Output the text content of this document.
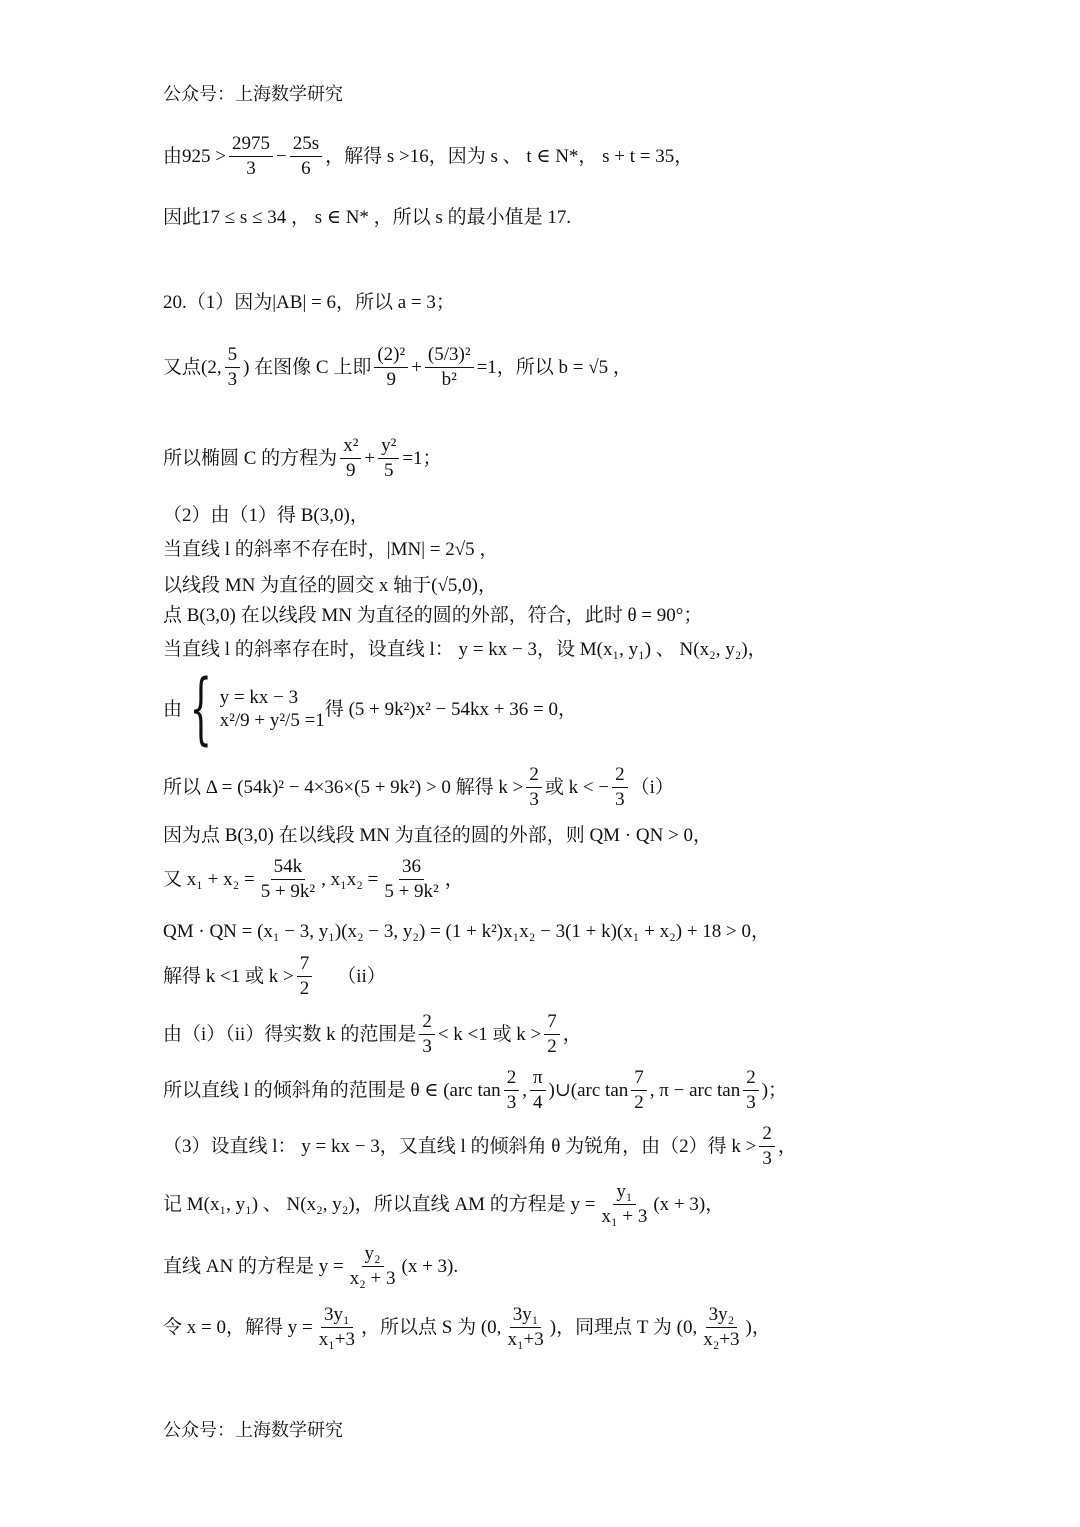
公众号：上海数学研究
由$925 > \frac{2975}{3} - \frac{25s}{6}$ ，解得 s >16，因为 s 、 t ∈ N*， s + t = 35，
因此17 ≤ s ≤ 34 ， s ∈ N* ，所以 s 的最小值是 17.
20.（1）因为|AB| = 6，所以 a = 3；
又点(2, $\frac{5}{3}$ ) 在图像 C 上即 $\frac{\text{(2)²}}{9} + \frac{\text{(5/3)²}}{\text{b²}} =1$，所以 b = √5 ，
所以椭圆 C 的方程为 $\frac{\text{x²}}{9} + \frac{\text{y²}}{5} =1$；
（2）由（1）得 B(3,0)，
当直线 l 的斜率不存在时，|MN| = 2√5 ，
以线段 MN 为直径的圆交 x 轴于(√5,0)，
点 B(3,0) 在以线段 MN 为直径的圆的外部，符合，此时 θ = 90°；
当直线 l 的斜率存在时，设直线 l： y = kx − 3，设 M(x₁, y₁) 、 N(x₂, y₂)，
由 { y = kx − 3
x²/9 + y²/5 =1
得 (5 + 9k²)x² − 54kx + 36 = 0，
所以 Δ = (54k)² − 4×36×(5 + 9k²) > 0 解得 $k > \frac{2}{3}$ 或 k < − $\frac{2}{3} (i)$
因为点 B(3,0) 在以线段 MN 为直径的圆的外部，则 QM · QN > 0，
又 $x_1 + x_2 = \frac{54k}{\text{5 + 9k²}}$ , $x_1x_2 = \frac{36}{\text{5 + 9k²}}$ ，
QM · QN = (x₁ − 3, y₁)(x₂ − 3, y₂) = (1 + k²)x₁x₂ − 3(1 + k)(x₁ + x₂) + 18 > 0，
解得 k <1 或 $k > \frac{7}{2} (ii)$
由（i）（ii）得实数 k 的范围是 $\frac{2}{3} < k <1$ 或 $k > \frac{7}{2}$ ，
所以直线 l 的倾斜角的范围是 θ ∈ (arc $\tan \frac{2}{3}$ , $\frac{\pi}{4}$ )∪(arc $\tan \frac{7}{2}$ , π − arc $\tan \frac{2}{3}$ )；
（3）设直线 l： y = kx − 3，又直线 l 的倾斜角 θ 为锐角，由（2）得 $k > \frac{2}{3}$ ，
记 M(x₁, y₁) 、 N(x₂, y₂)，所以直线 AM 的方程是 $y = \frac{\text{y₁}}{\text{x₁ + 3}} (x + 3)$，
直线 AN 的方程是 $y = \frac{\text{y₂}}{\text{x₂ + 3}} (x + 3)$.
令 x = 0，解得 $y = \frac{\text{3y₁}}{\text{x₁+3}}$ ，所以点 S 为 (0, $\frac{\text{3y₁}}{\text{x₁+3}}$ )，同理点 T 为 (0, $\frac{\text{3y₂}}{\text{x₂+3}}$ )，
公众号：上海数学研究
